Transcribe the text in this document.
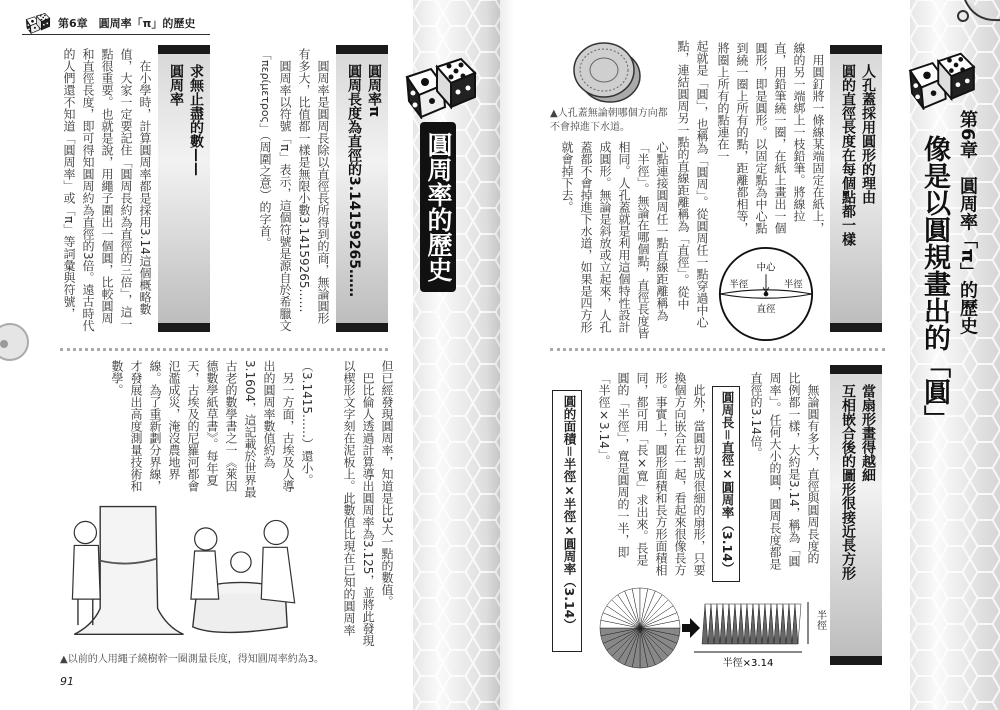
第6章　圓周率「π」的歷史
圓周率的歷史
圓周率π
圓周長度為直徑的3.14159265……

圓周率是圓周長除以直徑長所得到的商，無論圓形有多大，比值都一樣是無限小數3.14159265……

圓周率以符號「π」表示，這個符號是源自於希臘文「περίμετρος」（周圍之意）的字首。

求無止盡的數——
圓周率

在小學時，計算圓周率都是採用3.14這個概略數值，大家一定要記住「圓周長約為直徑的三倍」，這一點很重要。也就是說，用繩子圍出一個圓，比較圓周和直徑長度，即可得知圓周約為直徑的3倍。遠古時代的人們還不知道「圓周率」或「π」等詞彙與符號，

但已經發現圓周率，知道是比3大一點的數值。

巴比倫人透過計算導出圓周率為3.125，並將此發現以楔形文字刻在泥板上。此數值比現在已知的圓周率

（3.1415……）還小。

另一方面，古埃及人導出的圓周率數值約為3.1604，這記載於世界最古老的數學書之一《萊因德數學紙草書》。每年夏天，古埃及的尼羅河都會氾濫成災，淹沒農地界線。為了重新劃分界線，才發展出高度測量技術和數學。

▲以前的人用繩子繞樹幹一圈測量長度，得知圓周率約為3。
91
第6章　圓周率「π」的歷史
像是以圓規畫出的「圓」
人孔蓋採用圓形的理由
圓的直徑長度在每個點都一樣

用圓釘將一條線某端固定在紙上，線的另一端綁上一枝鉛筆。將線拉直，用鉛筆繞一圈，在紙上畫出一個圓形，即是圓形。以固定點為中心點到繞一圈上所有的點，距離都相等，將圈上所有的點連在一

起就是「圓」，也稱為「圓周」。從圓周任一點穿過中心點，連結圓周另一點的直線距離稱為「直徑」。從中

心點連接圓周任一點直線距離稱為「半徑」。無論在哪個點，直徑長度皆相同。人孔蓋就是利用這個特性設計成圓形。無論是斜放或立起來，人孔蓋都不會掉進下水道，如果是四方形就會掉下去。

▲人孔蓋無論朝哪個方向都不會掉進下水道。
中心
半徑	半徑
直徑
當扇形畫得越細
互相嵌合後的圖形很接近長方形

無論圓有多大，直徑與圓周長度的比例都一樣，大約是3.14，稱為「圓周率」。任何大小的圓，圓周長度都是直徑的3.14倍。

圓周長＝直徑×圓周率（3.14）

此外，當圓切割成很細的扇形，只要換個方向嵌合在一起，看起來很像長方形。事實上，圓形面積和長方形面積相同，都可用「長×寬」求出來。長是圓的「半徑」，寬是圓周的一半，即「半徑×3.14」。

圓的面積＝半徑×半徑×圓周率（3.14）	半徑
半徑×3.14
